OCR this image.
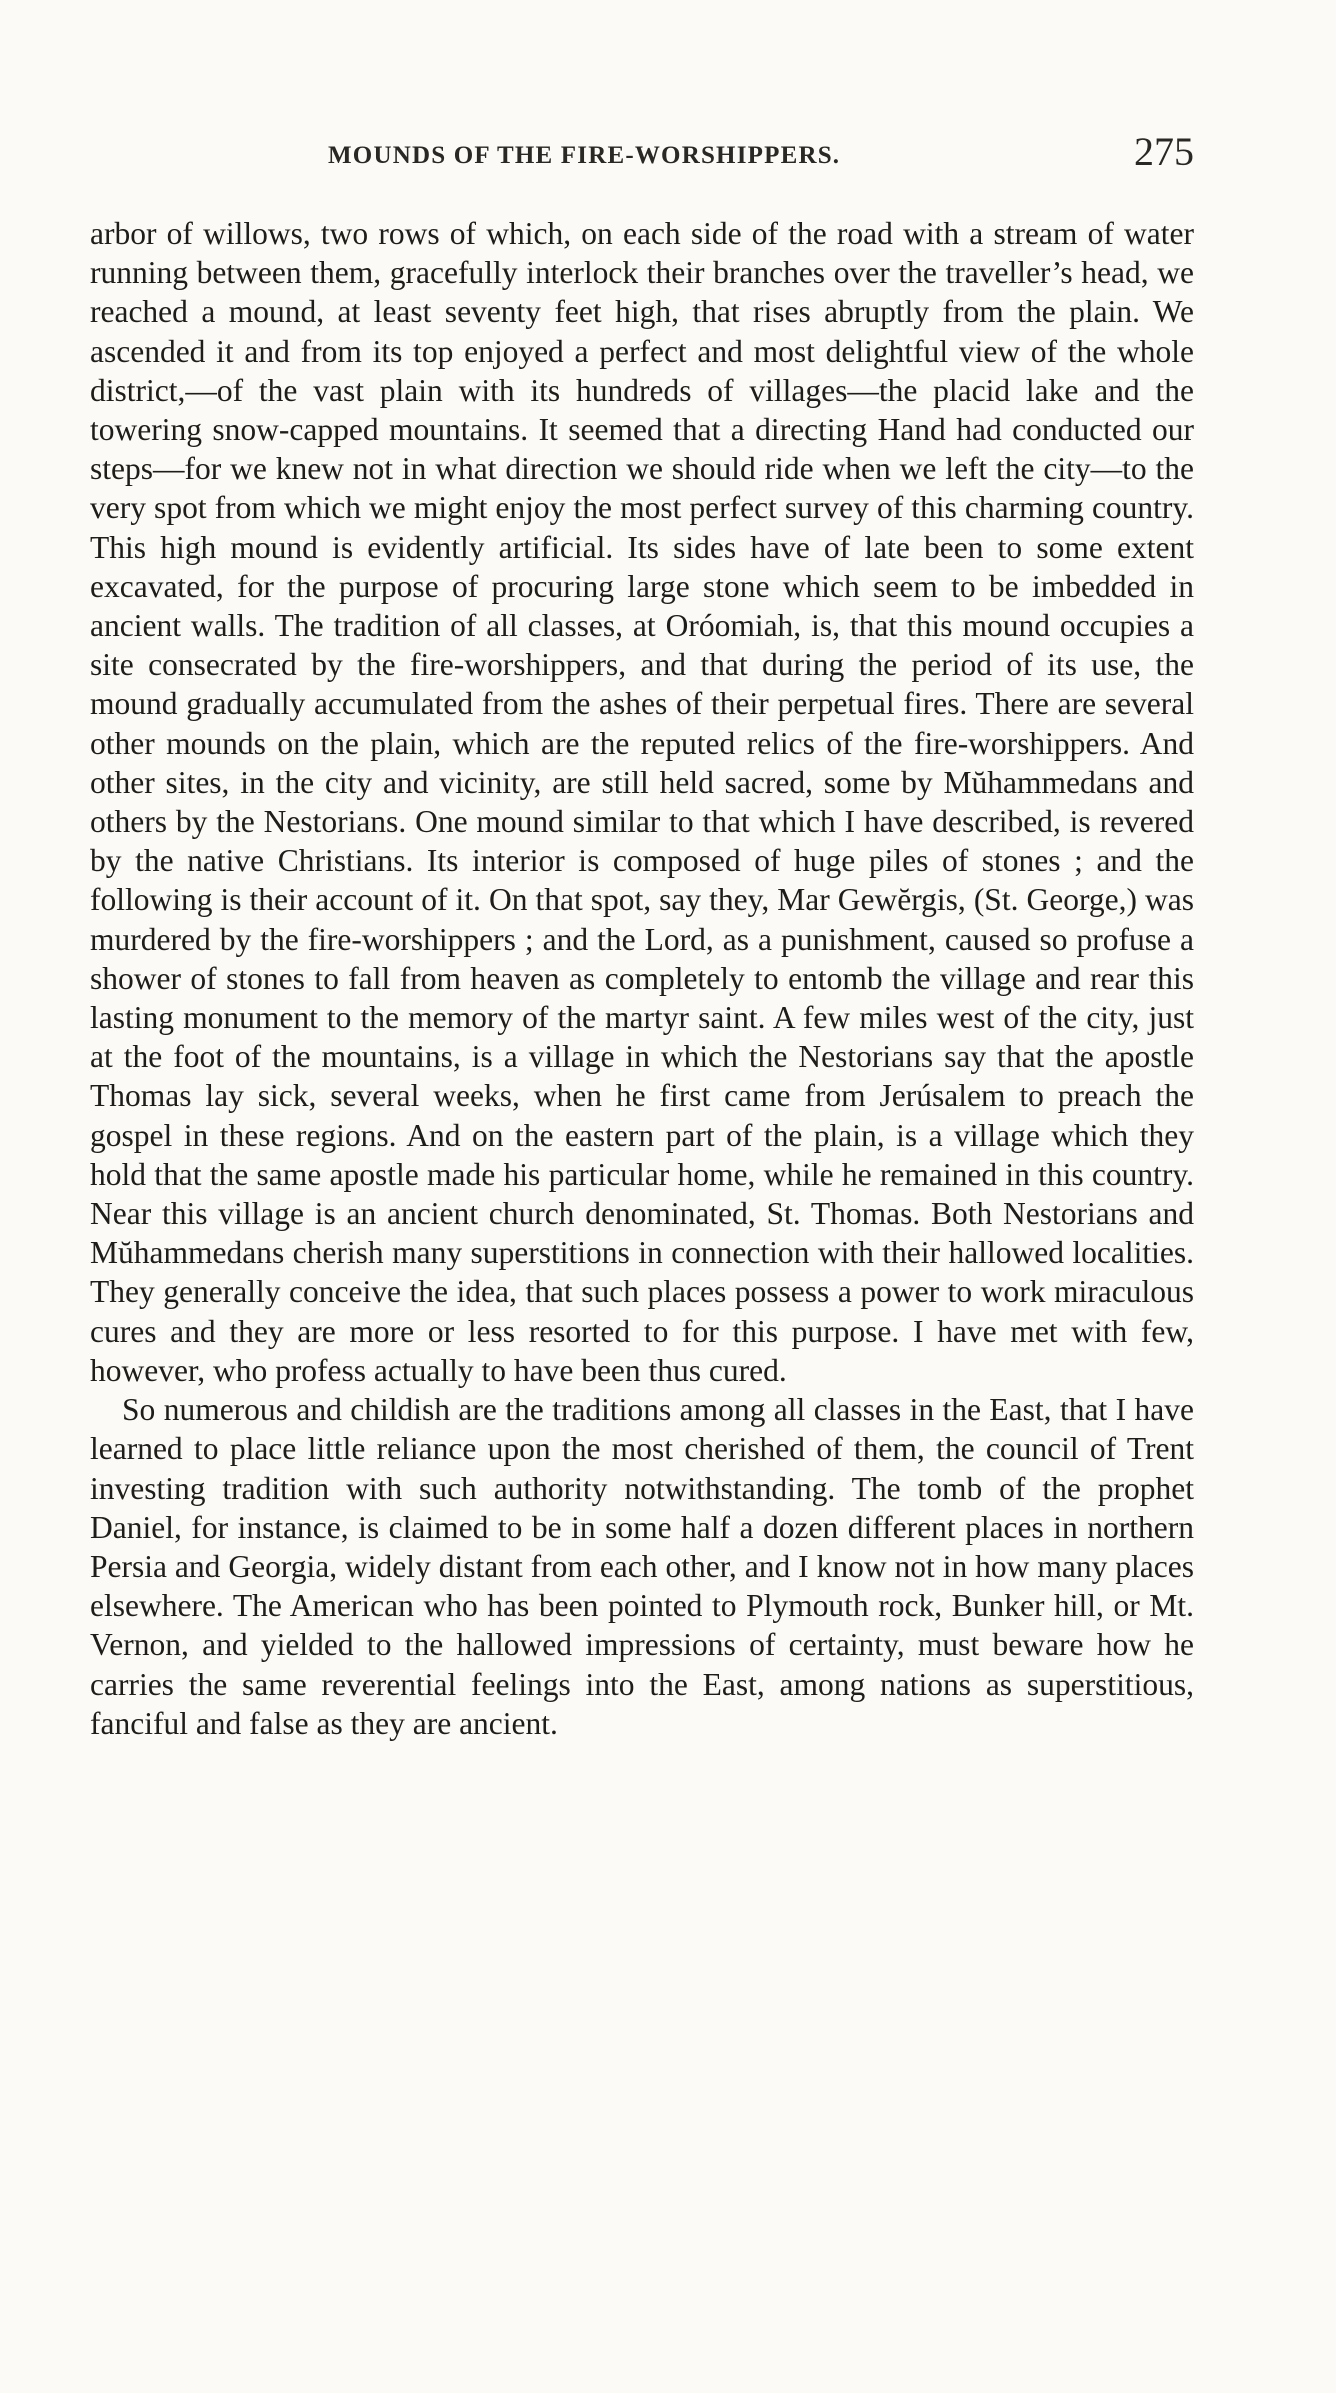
MOUNDS OF THE FIRE-WORSHIPPERS.	275

arbor of willows, two rows of which, on each side of the road with a stream of water running between them, gracefully interlock their branches over the traveller’s head, we reached a mound, at least seventy feet high, that rises abruptly from the plain. We ascended it and from its top enjoyed a perfect and most delightful view of the whole district,—of the vast plain with its hundreds of villages—the placid lake and the towering snow-capped mountains. It seemed that a directing Hand had conducted our steps—for we knew not in what direction we should ride when we left the city—to the very spot from which we might enjoy the most perfect survey of this charming country. This high mound is evidently artificial. Its sides have of late been to some extent excavated, for the purpose of procuring large stone which seem to be imbedded in ancient walls. The tradition of all classes, at Oróomiah, is, that this mound occupies a site consecrated by the fire-worshippers, and that during the period of its use, the mound gradually accumulated from the ashes of their perpetual fires. There are several other mounds on the plain, which are the reputed relics of the fire-worshippers. And other sites, in the city and vicinity, are still held sacred, some by Mŭhammedans and others by the Nestorians. One mound similar to that which I have described, is revered by the native Christians. Its interior is composed of huge piles of stones ; and the following is their account of it. On that spot, say they, Mar Gewĕrgis, (St. George,) was murdered by the fire-worshippers ; and the Lord, as a punishment, caused so profuse a shower of stones to fall from heaven as completely to entomb the village and rear this lasting monument to the memory of the martyr saint. A few miles west of the city, just at the foot of the mountains, is a village in which the Nestorians say that the apostle Thomas lay sick, several weeks, when he first came from Jerúsalem to preach the gospel in these regions. And on the eastern part of the plain, is a village which they hold that the same apostle made his particular home, while he remained in this country. Near this village is an ancient church denominated, St. Thomas. Both Nestorians and Mŭhammedans cherish many superstitions in connection with their hallowed localities. They generally conceive the idea, that such places possess a power to work miraculous cures and they are more or less resorted to for this purpose. I have met with few, however, who profess actually to have been thus cured.

So numerous and childish are the traditions among all classes in the East, that I have learned to place little reliance upon the most cherished of them, the council of Trent investing tradition with such authority notwithstanding. The tomb of the prophet Daniel, for instance, is claimed to be in some half a dozen different places in northern Persia and Georgia, widely distant from each other, and I know not in how many places elsewhere. The American who has been pointed to Plymouth rock, Bunker hill, or Mt. Vernon, and yielded to the hallowed impressions of certainty, must beware how he carries the same reverential feelings into the East, among nations as superstitious, fanciful and false as they are ancient.
